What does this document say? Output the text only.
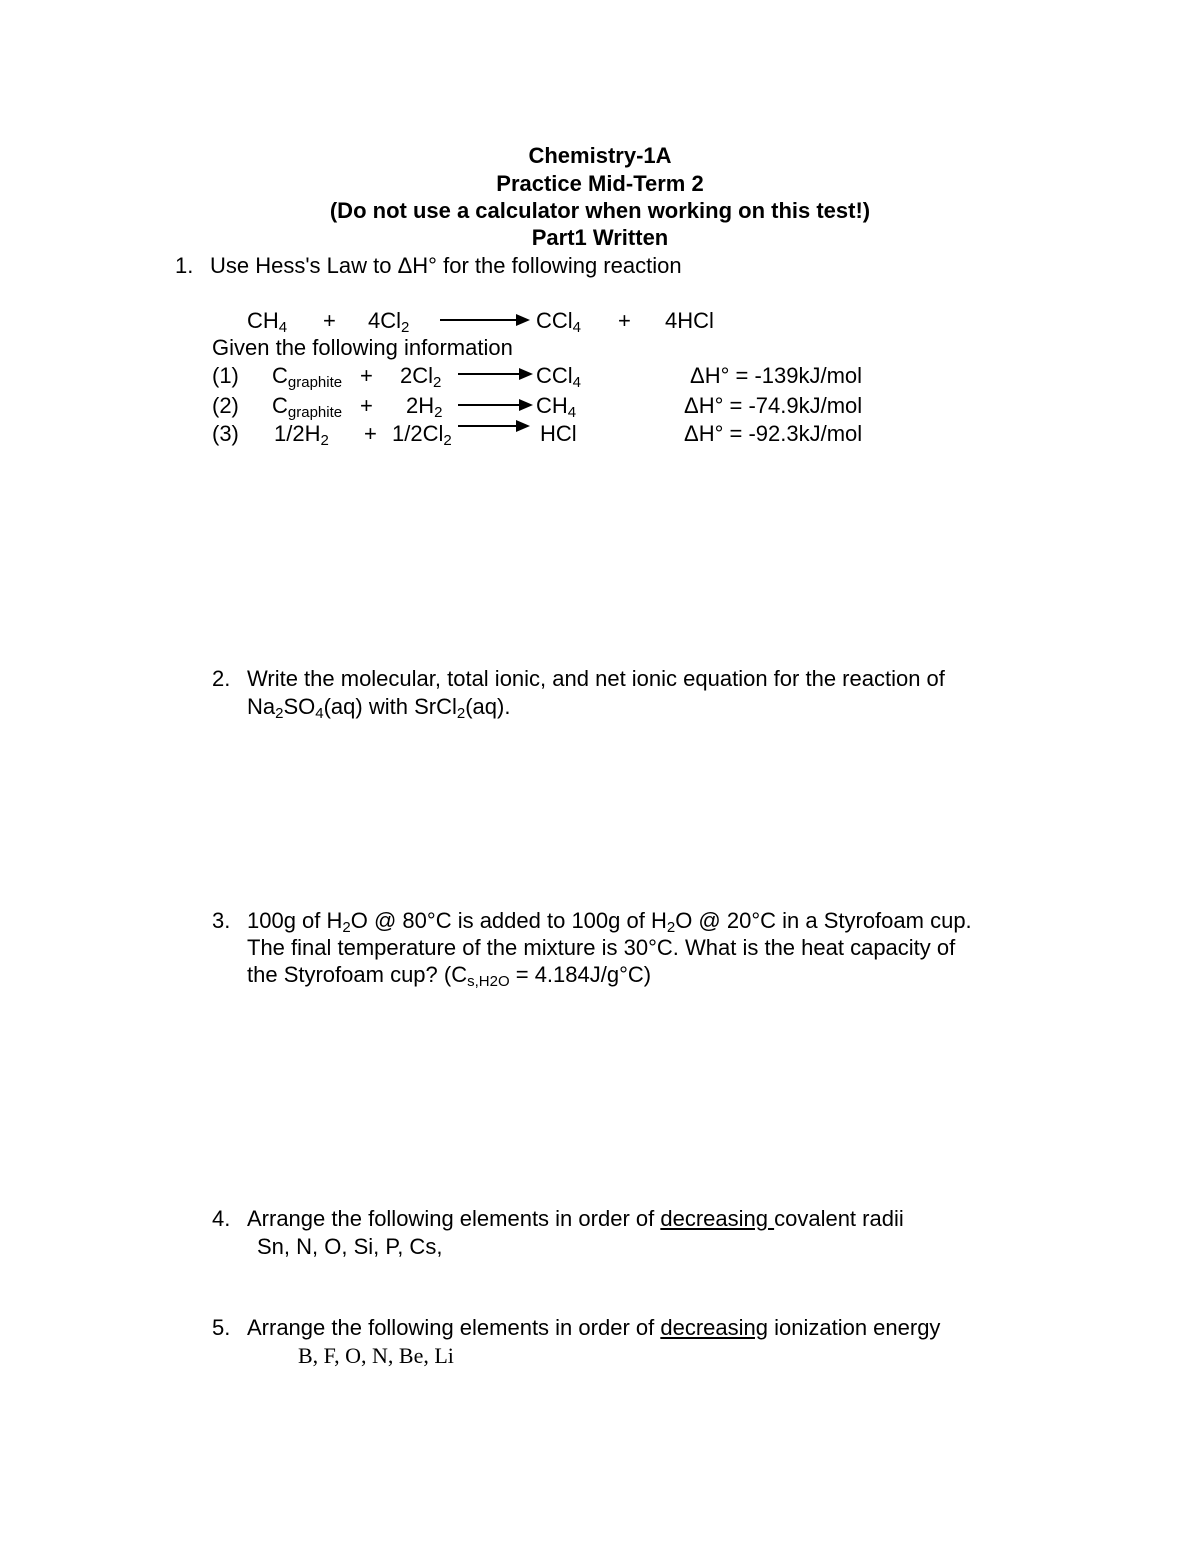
Chemistry-1A
Practice Mid-Term 2
(Do not use a calculator when working on this test!)
Part1 Written
1. Use Hess's Law to ΔH° for the following reaction
$CH_4 + 4Cl_2$	CCl$_4$ + 4HCl
Given the following information
(1) $C_{graphite} + 2Cl_2 \to CCl_4$	ΔH° = -139kJ/mol
(2) $C_{graphite} + 2H_2 \to CH_4$	ΔH° = -74.9kJ/mol
(3) $1/2H_2 + 1/2Cl_2$ → HCl	ΔH° = -92.3kJ/mol
2. Write the molecular, total ionic, and net ionic equation for the reaction of
$Na_2SO_4(aq)$ with SrCl$_2$(aq).
3. 100g of $H_2O$ @ 80°C is added to 100g of $H_2O$ @ 20°C in a Styrofoam cup.
The final temperature of the mixture is 30°C. What is the heat capacity of
the Styrofoam cup? $(C_{s,H2O} = 4.184J/g^\circ C)$
4. Arrange the following elements in order of decreasing covalent radii
Sn, N, O, Si, P, Cs,
5. Arrange the following elements in order of decreasing ionization energy
B, F, O, N, Be, Li
